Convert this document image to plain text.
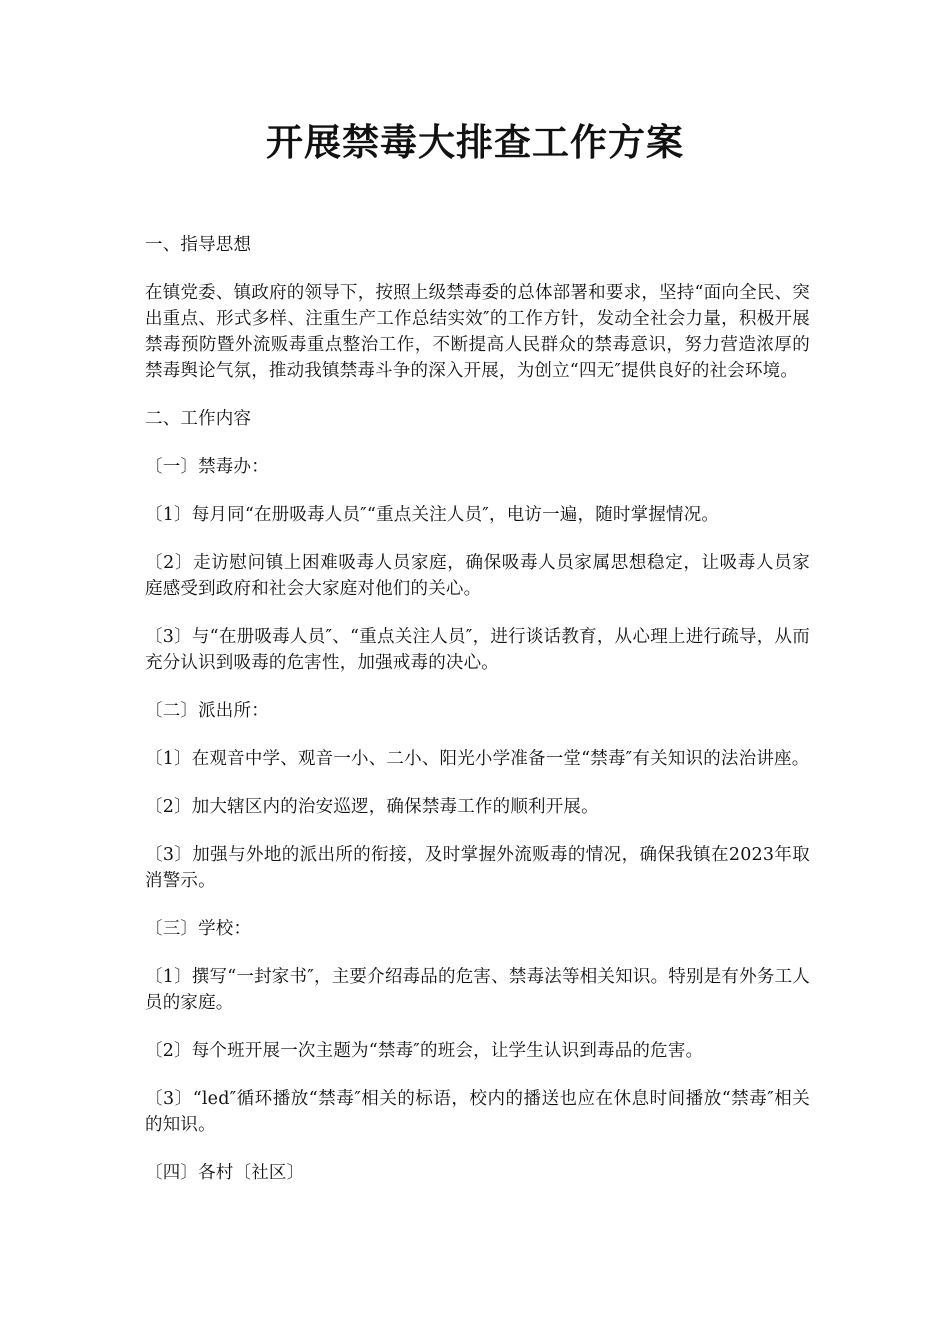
开展禁毒大排查工作方案

一、指导思想

在镇党委、镇政府的领导下，按照上级禁毒委的总体部署和要求，坚持“面向全民、突出重点、形式多样、注重生产工作总结实效″的工作方针，发动全社会力量，积极开展禁毒预防暨外流贩毒重点整治工作，不断提高人民群众的禁毒意识，努力营造浓厚的禁毒舆论气氛，推动我镇禁毒斗争的深入开展，为创立“四无″提供良好的社会环境。

二、工作内容

〔一〕禁毒办：

〔1〕每月同“在册吸毒人员″“重点关注人员″，电访一遍，随时掌握情况。

〔2〕走访慰问镇上困难吸毒人员家庭，确保吸毒人员家属思想稳定，让吸毒人员家庭感受到政府和社会大家庭对他们的关心。

〔3〕与“在册吸毒人员″、“重点关注人员″，进行谈话教育，从心理上进行疏导，从而充分认识到吸毒的危害性，加强戒毒的决心。

〔二〕派出所：

〔1〕在观音中学、观音一小、二小、阳光小学准备一堂“禁毒″有关知识的法治讲座。

〔2〕加大辖区内的治安巡逻，确保禁毒工作的顺利开展。

〔3〕加强与外地的派出所的衔接，及时掌握外流贩毒的情况，确保我镇在2023年取消警示。

〔三〕学校：

〔1〕撰写“一封家书″，主要介绍毒品的危害、禁毒法等相关知识。特别是有外务工人员的家庭。

〔2〕每个班开展一次主题为“禁毒″的班会，让学生认识到毒品的危害。

〔3〕“led″循环播放“禁毒″相关的标语，校内的播送也应在休息时间播放“禁毒″相关的知识。

〔四〕各村〔社区〕
